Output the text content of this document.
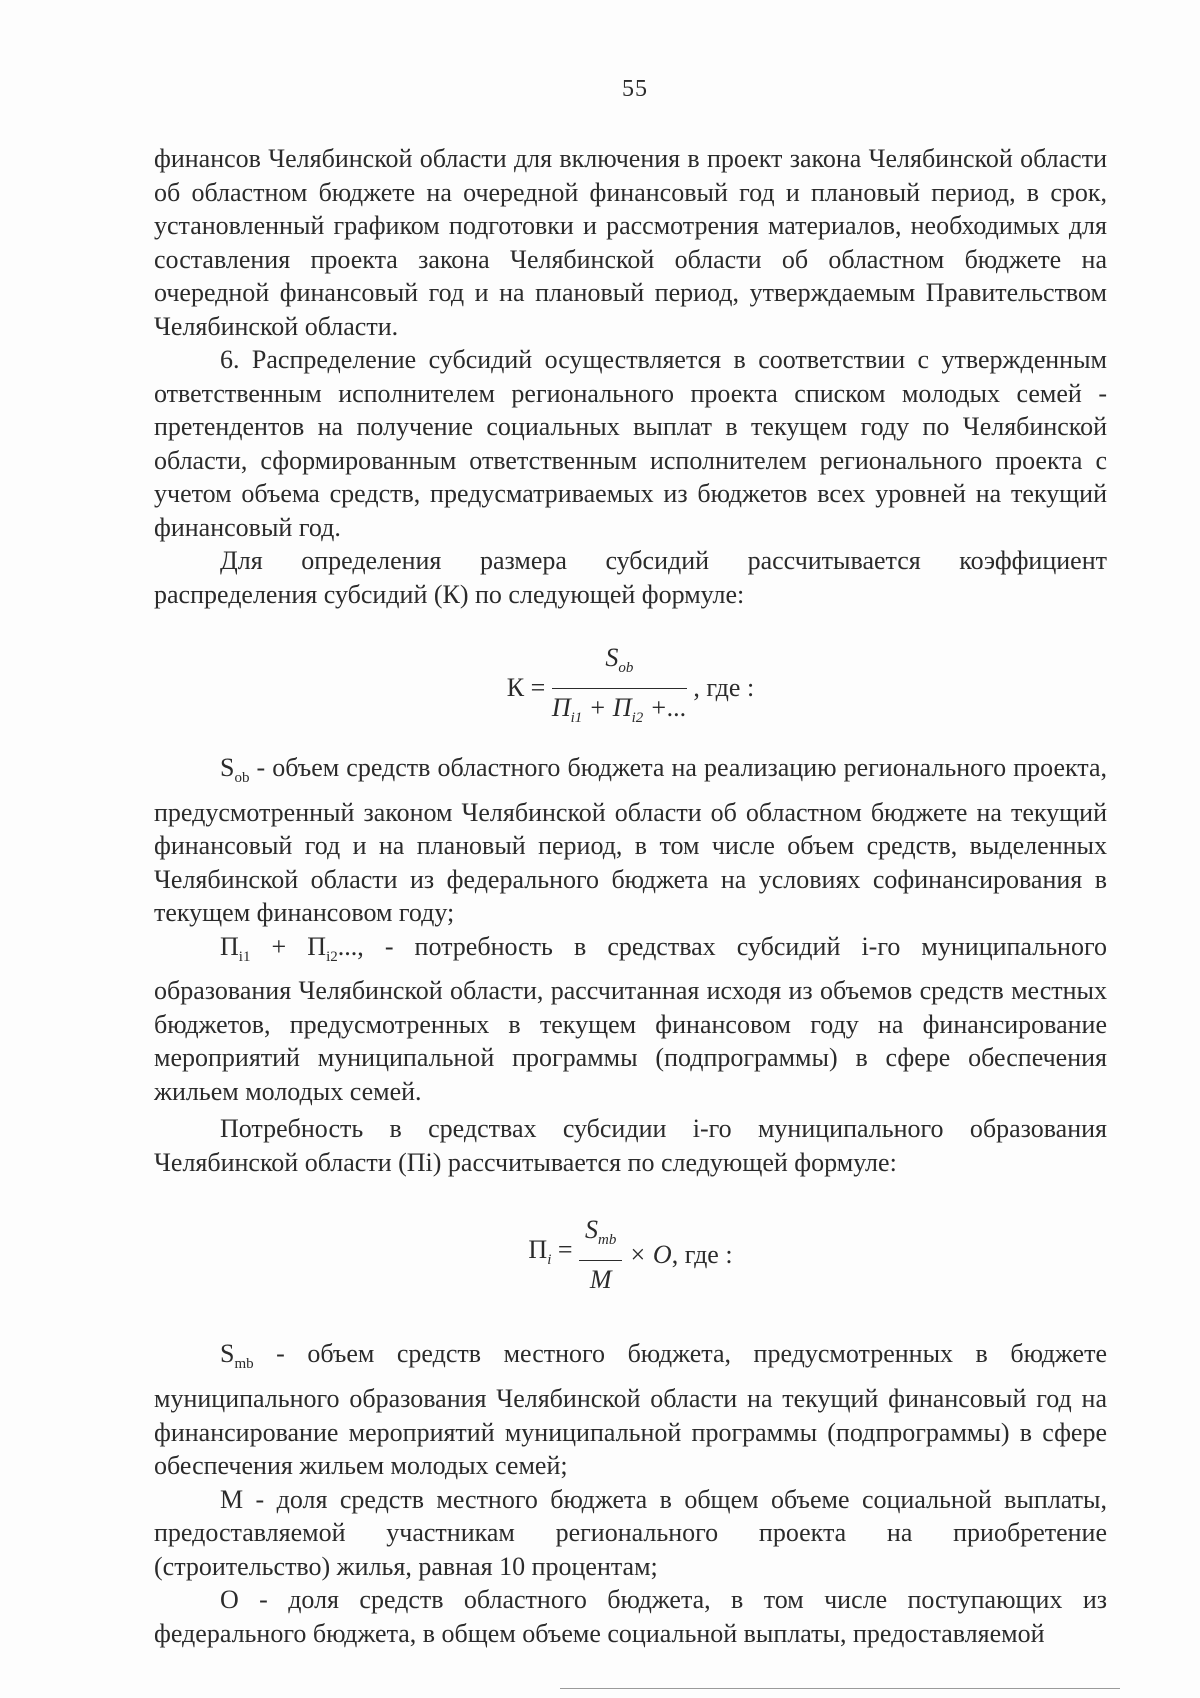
55

финансов Челябинской области для включения в проект закона Челябинской области об областном бюджете на очередной финансовый год и плановый период, в срок, установленный графиком подготовки и рассмотрения материалов, необходимых для составления проекта закона Челябинской области об областном бюджете на очередной финансовый год и на плановый период, утверждаемым Правительством Челябинской области.

6. Распределение субсидий осуществляется в соответствии с утвержденным ответственным исполнителем регионального проекта списком молодых семей - претендентов на получение социальных выплат в текущем году по Челябинской области, сформированным ответственным исполнителем регионального проекта с учетом объема средств, предусматриваемых из бюджетов всех уровней на текущий финансовый год.

Для определения размера субсидий рассчитывается коэффициент распределения субсидий (К) по следующей формуле:

$К = \frac{S_{ob}}{П_{i1} + П_{i2} +...}$ , где :

$S_{ob}$ - объем средств областного бюджета на реализацию регионального проекта, предусмотренный законом Челябинской области об областном бюджете на текущий финансовый год и на плановый период, в том числе объем средств, выделенных Челябинской области из федерального бюджета на условиях софинансирования в текущем финансовом году;

$П_{i1} + П_{i2}$..., - потребность в средствах субсидий i-го муниципального образования Челябинской области, рассчитанная исходя из объемов средств местных бюджетов, предусмотренных в текущем финансовом году на финансирование мероприятий муниципальной программы (подпрограммы) в сфере обеспечения жильем молодых семей.

Потребность в средствах субсидии i-го муниципального образования Челябинской области (Пi) рассчитывается по следующей формуле:

$П_i = \frac{S_{mb}}{M} \times O$, где :

$S_{mb}$ - объем средств местного бюджета, предусмотренных в бюджете муниципального образования Челябинской области на текущий финансовый год на финансирование мероприятий муниципальной программы (подпрограммы) в сфере обеспечения жильем молодых семей;

М - доля средств местного бюджета в общем объеме социальной выплаты, предоставляемой участникам регионального проекта на приобретение (строительство) жилья, равная 10 процентам;

О - доля средств областного бюджета, в том числе поступающих из федерального бюджета, в общем объеме социальной выплаты, предоставляемой
